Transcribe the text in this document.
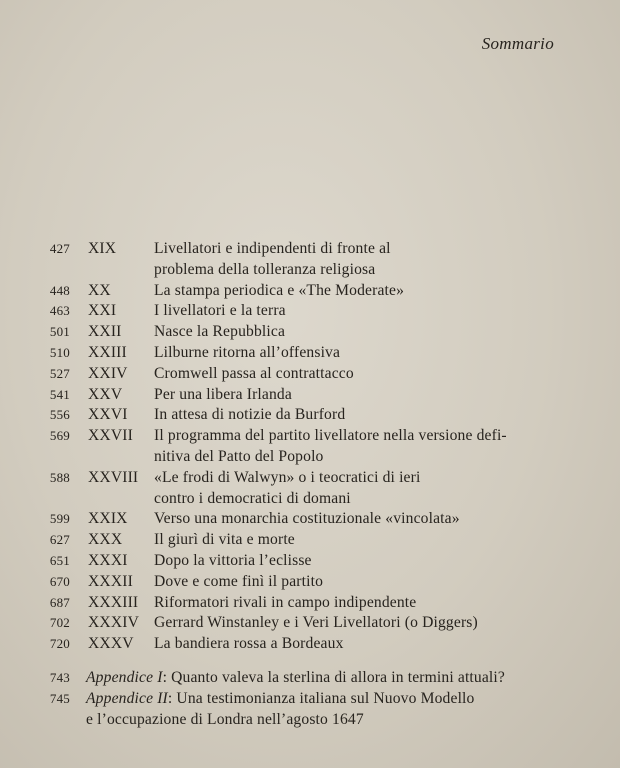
Sommario
427 XIX Livellatori e indipendenti di fronte al
problema della tolleranza religiosa
448 XX	La stampa periodica e «The Moderate»
463 XXI I livellatori e la terra
501 XXII Nasce la Repubblica
510 XXIII Lilburne ritorna all’offensiva
527 XXIV Cromwell passa al contrattacco
541 XXV Per una libera Irlanda
556 XXVI In attesa di notizie da Burford
569 XXVII Il programma del partito livellatore nella versione defi-
nitiva del Patto del Popolo
588 XXVIII «Le frodi di Walwyn» o i teocratici di ieri
contro i democratici di domani
599 XXIX Verso una monarchia costituzionale «vincolata»
627 XXX Il giurì di vita e morte
651 XXXI Dopo la vittoria l’eclisse
670 XXXII Dove e come finì il partito
687 XXXIII Riformatori rivali in campo indipendente
702 XXXIV Gerrard Winstanley e i Veri Livellatori (o Diggers)
720 XXXV La bandiera rossa a Bordeaux
743 Appendice I: Quanto valeva la sterlina di allora in termini attuali?
745 Appendice II: Una testimonianza italiana sul Nuovo Modello
e l’occupazione di Londra nell’agosto 1647
